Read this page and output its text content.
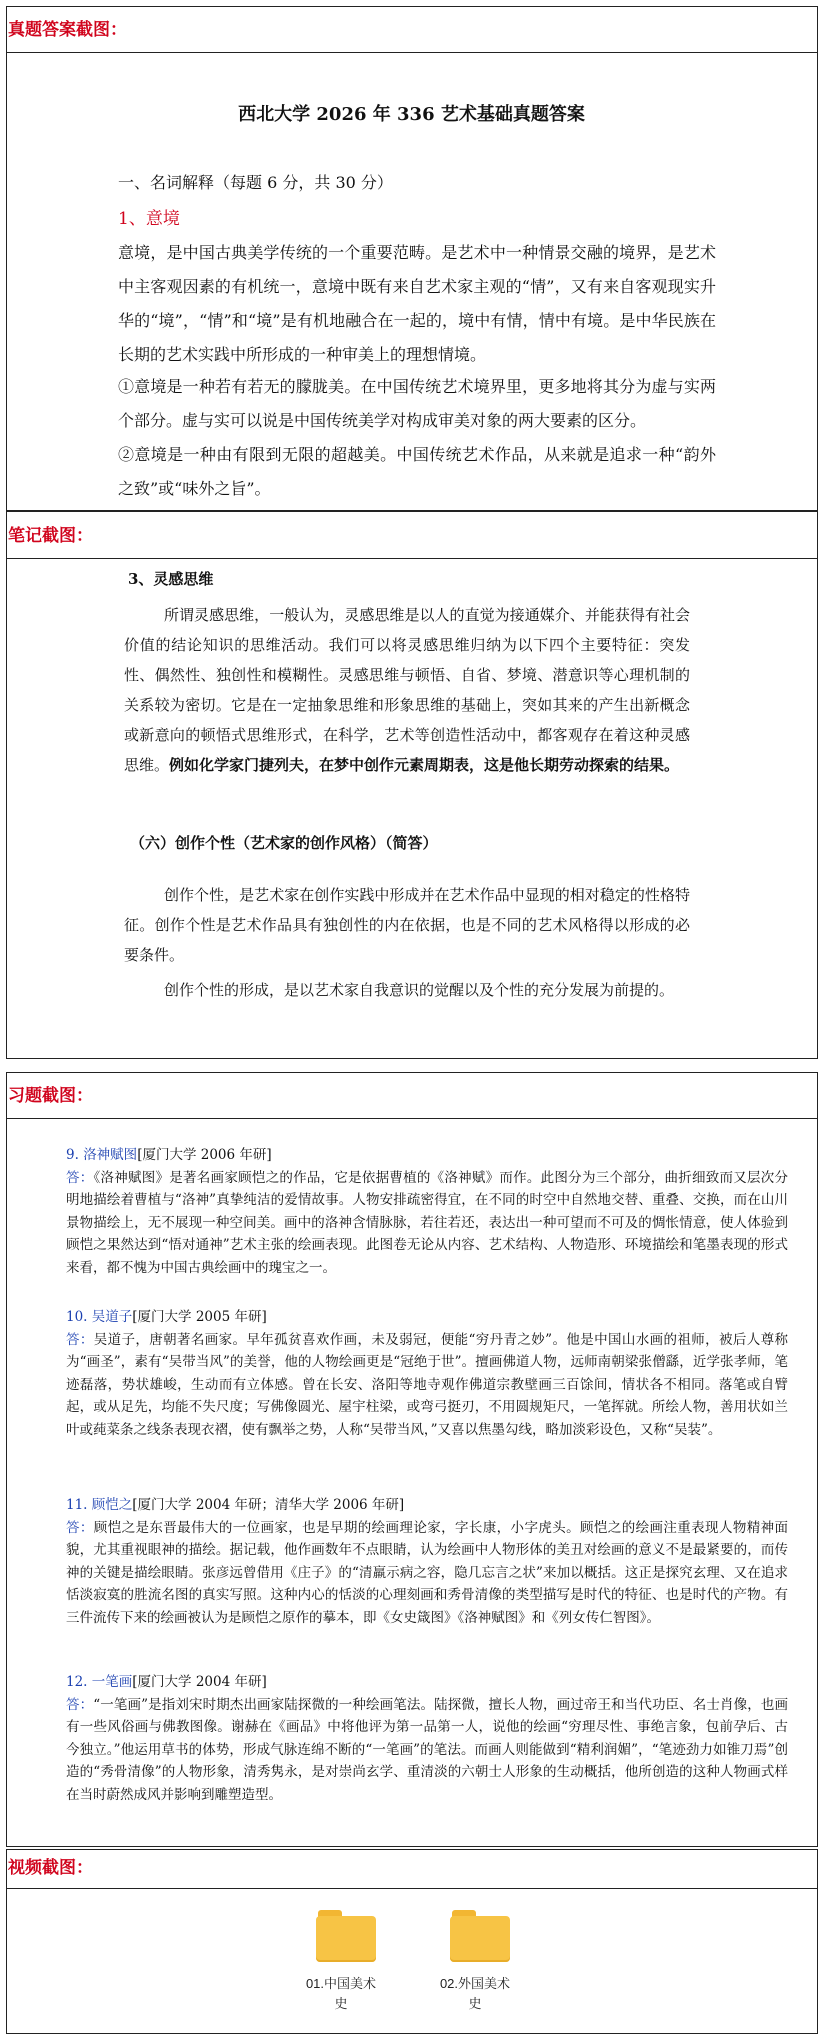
真题答案截图：
西北大学 2026 年 336 艺术基础真题答案
一、名词解释（每题 6 分，共 30 分）
1、意境
意境，是中国古典美学传统的一个重要范畴。是艺术中一种情景交融的境界，是艺术中主客观因素的有机统一，意境中既有来自艺术家主观的“情”，又有来自客观现实升华的“境”，“情”和“境”是有机地融合在一起的，境中有情，情中有境。是中华民族在长期的艺术实践中所形成的一种审美上的理想情境。
①意境是一种若有若无的朦胧美。在中国传统艺术境界里，更多地将其分为虚与实两个部分。虚与实可以说是中国传统美学对构成审美对象的两大要素的区分。
②意境是一种由有限到无限的超越美。中国传统艺术作品，从来就是追求一种“韵外之致”或“味外之旨”。
笔记截图：
3、灵感思维
所谓灵感思维，一般认为，灵感思维是以人的直觉为接通媒介、并能获得有社会价值的结论知识的思维活动。我们可以将灵感思维归纳为以下四个主要特征：突发性、偶然性、独创性和模糊性。灵感思维与顿悟、自省、梦境、潜意识等心理机制的关系较为密切。它是在一定抽象思维和形象思维的基础上，突如其来的产生出新概念或新意向的顿悟式思维形式，在科学，艺术等创造性活动中，都客观存在着这种灵感思维。例如化学家门捷列夫，在梦中创作元素周期表，这是他长期劳动探索的结果。
（六）创作个性（艺术家的创作风格）（简答）
创作个性，是艺术家在创作实践中形成并在艺术作品中显现的相对稳定的性格特征。创作个性是艺术作品具有独创性的内在依据，也是不同的艺术风格得以形成的必要条件。
创作个性的形成，是以艺术家自我意识的觉醒以及个性的充分发展为前提的。
习题截图：
9. 洛神赋图[厦门大学 2006 年研]
答：《洛神赋图》是著名画家顾恺之的作品，它是依据曹植的《洛神赋》而作。此图分为三个部分，曲折细致而又层次分明地描绘着曹植与“洛神”真挚纯洁的爱情故事。人物安排疏密得宜，在不同的时空中自然地交替、重叠、交换，而在山川景物描绘上，无不展现一种空间美。画中的洛神含情脉脉，若往若还，表达出一种可望而不可及的惆怅情意，使人体验到顾恺之果然达到“悟对通神”艺术主张的绘画表现。此图卷无论从内容、艺术结构、人物造形、环境描绘和笔墨表现的形式来看，都不愧为中国古典绘画中的瑰宝之一。
10. 吴道子[厦门大学 2005 年研]
答：吴道子，唐朝著名画家。早年孤贫喜欢作画，未及弱冠，便能“穷丹青之妙”。他是中国山水画的祖师，被后人尊称为“画圣”，素有“吴带当风”的美誉，他的人物绘画更是“冠绝于世”。擅画佛道人物，远师南朝梁张僧繇，近学张孝师，笔迹磊落，势状雄峻，生动而有立体感。曾在长安、洛阳等地寺观作佛道宗教壁画三百馀间，情状各不相同。落笔或自臂起，或从足先，均能不失尺度；写佛像圆光、屋宇柱梁，或弯弓挺刃，不用圆规矩尺，一笔挥就。所绘人物，善用状如兰叶或莼菜条之线条表现衣褶，使有飘举之势，人称“吴带当风，”又喜以焦墨勾线，略加淡彩设色，又称“吴装”。
11. 顾恺之[厦门大学 2004 年研；清华大学 2006 年研]
答：顾恺之是东晋最伟大的一位画家，也是早期的绘画理论家，字长康，小字虎头。顾恺之的绘画注重表现人物精神面貌，尤其重视眼神的描绘。据记载，他作画数年不点眼睛，认为绘画中人物形体的美丑对绘画的意义不是最紧要的，而传神的关键是描绘眼睛。张彦远曾借用《庄子》的“清羸示病之容，隐几忘言之状”来加以概括。这正是探究玄理、又在追求恬淡寂寞的胜流名图的真实写照。这种内心的恬淡的心理刻画和秀骨清像的类型描写是时代的特征、也是时代的产物。有三件流传下来的绘画被认为是顾恺之原作的摹本，即《女史箴图》《洛神赋图》和《列女传仁智图》。
12. 一笔画[厦门大学 2004 年研]
答：“一笔画”是指刘宋时期杰出画家陆探微的一种绘画笔法。陆探微，擅长人物，画过帝王和当代功臣、名士肖像，也画有一些风俗画与佛教图像。谢赫在《画品》中将他评为第一品第一人，说他的绘画“穷理尽性、事绝言象，包前孕后、古今独立。”他运用草书的体势，形成气脉连绵不断的“一笔画”的笔法。而画人则能做到“精利润媚”，“笔迹劲力如锥刀焉”创造的“秀骨清像”的人物形象，清秀隽永，是对崇尚玄学、重清淡的六朝士人形象的生动概括，他所创造的这种人物画式样在当时蔚然成风并影响到雕塑造型。
视频截图：
01.中国美术史
02.外国美术史
